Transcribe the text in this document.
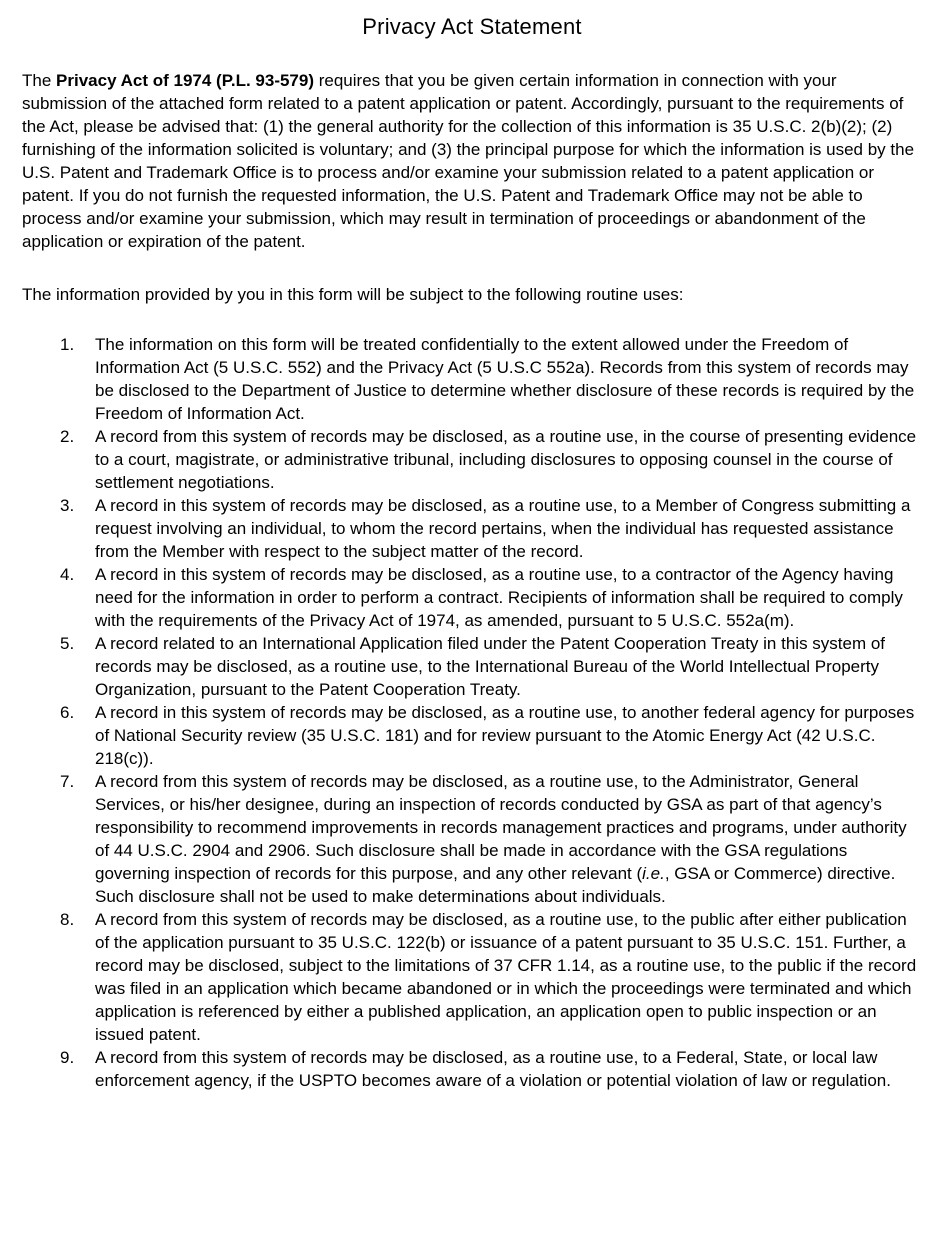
Privacy Act Statement

The Privacy Act of 1974 (P.L. 93-579) requires that you be given certain information in connection with your submission of the attached form related to a patent application or patent. Accordingly, pursuant to the requirements of the Act, please be advised that: (1) the general authority for the collection of this information is 35 U.S.C. 2(b)(2); (2) furnishing of the information solicited is voluntary; and (3) the principal purpose for which the information is used by the U.S. Patent and Trademark Office is to process and/or examine your submission related to a patent application or patent. If you do not furnish the requested information, the U.S. Patent and Trademark Office may not be able to process and/or examine your submission, which may result in termination of proceedings or abandonment of the application or expiration of the patent.

The information provided by you in this form will be subject to the following routine uses:

1.	The information on this form will be treated confidentially to the extent allowed under the Freedom of Information Act (5 U.S.C. 552) and the Privacy Act (5 U.S.C 552a). Records from this system of records may be disclosed to the Department of Justice to determine whether disclosure of these records is required by the Freedom of Information Act.
2.	A record from this system of records may be disclosed, as a routine use, in the course of presenting evidence to a court, magistrate, or administrative tribunal, including disclosures to opposing counsel in the course of settlement negotiations.
3.	A record in this system of records may be disclosed, as a routine use, to a Member of Congress submitting a request involving an individual, to whom the record pertains, when the individual has requested assistance from the Member with respect to the subject matter of the record.
4.	A record in this system of records may be disclosed, as a routine use, to a contractor of the Agency having need for the information in order to perform a contract. Recipients of information shall be required to comply with the requirements of the Privacy Act of 1974, as amended, pursuant to 5 U.S.C. 552a(m).
5.	A record related to an International Application filed under the Patent Cooperation Treaty in this system of records may be disclosed, as a routine use, to the International Bureau of the World Intellectual Property Organization, pursuant to the Patent Cooperation Treaty.
6.	A record in this system of records may be disclosed, as a routine use, to another federal agency for purposes of National Security review (35 U.S.C. 181) and for review pursuant to the Atomic Energy Act (42 U.S.C. 218(c)).
7.	A record from this system of records may be disclosed, as a routine use, to the Administrator, General Services, or his/her designee, during an inspection of records conducted by GSA as part of that agency’s responsibility to recommend improvements in records management practices and programs, under authority of 44 U.S.C. 2904 and 2906. Such disclosure shall be made in accordance with the GSA regulations governing inspection of records for this purpose, and any other relevant (i.e., GSA or Commerce) directive. Such disclosure shall not be used to make determinations about individuals.
8.	A record from this system of records may be disclosed, as a routine use, to the public after either publication of the application pursuant to 35 U.S.C. 122(b) or issuance of a patent pursuant to 35 U.S.C. 151. Further, a record may be disclosed, subject to the limitations of 37 CFR 1.14, as a routine use, to the public if the record was filed in an application which became abandoned or in which the proceedings were terminated and which application is referenced by either a published application, an application open to public inspection or an issued patent.
9.	A record from this system of records may be disclosed, as a routine use, to a Federal, State, or local law enforcement agency, if the USPTO becomes aware of a violation or potential violation of law or regulation.
